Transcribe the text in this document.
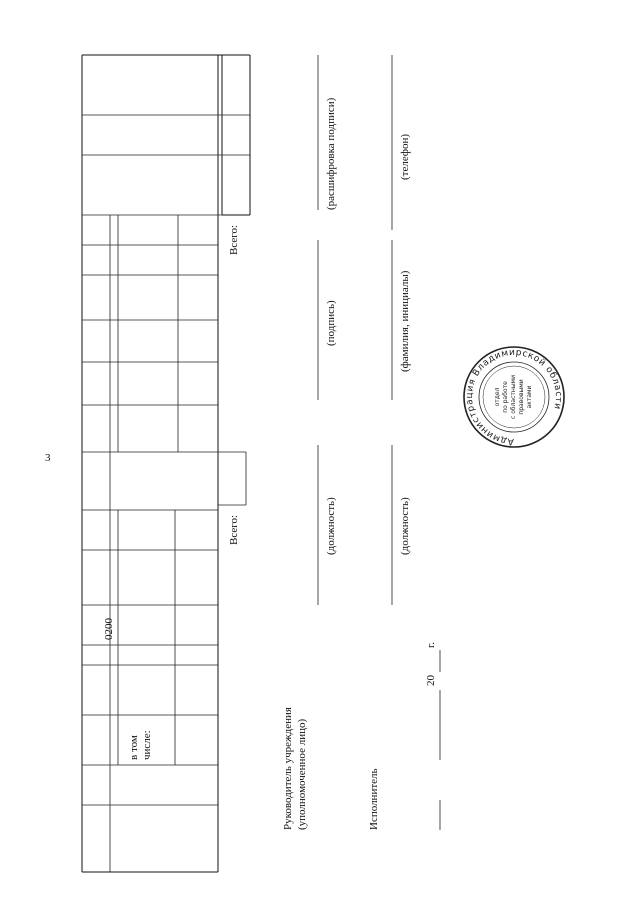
3
0200
в том
числе:
Всего:
Всего:
Руководитель учреждения (уполномоченное лицо)
(должность)
(подпись)
(расшифровка подписи)
Исполнитель
(должность)
(фамилия, инициалы)
(телефон)
20
г.
Администрация Владимирской области
отдел по работе с областными правовыми актами
